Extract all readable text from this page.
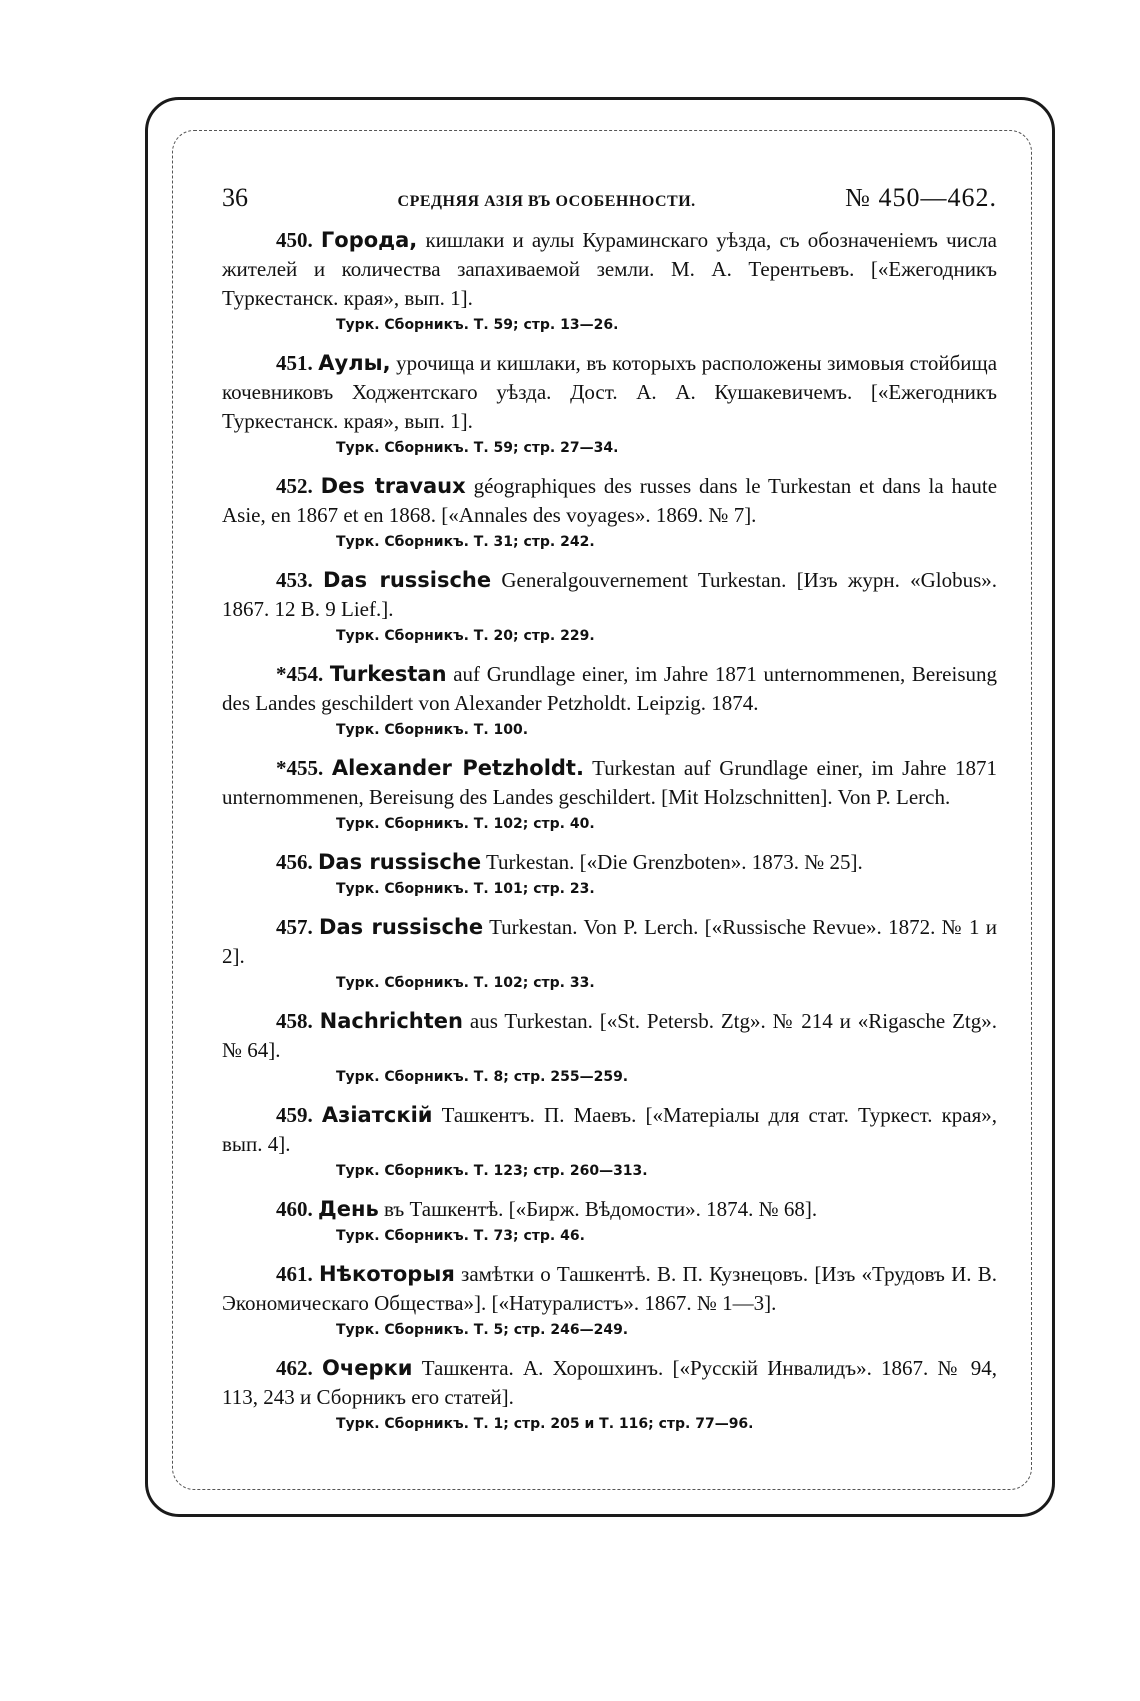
36	СРЕДНЯЯ АЗІЯ ВЪ ОСОБЕННОСТИ.	№ 450—462.

450. Города, кишлаки и аулы Кураминскаго уѣзда, съ обозначеніемъ числа жителей и количества запахиваемой земли. М. А. Терентьевъ. [«Ежегодникъ Туркестанск. края», вып. 1].

Турк. Сборникъ. Т. 59; стр. 13—26.

451. Аулы, урочища и кишлаки, въ которыхъ расположены зимовыя стойбища кочевниковъ Ходжентскаго уѣзда. Дост. А. А. Кушакевичемъ. [«Ежегодникъ Туркестанск. края», вып. 1].

Турк. Сборникъ. Т. 59; стр. 27—34.

452. Des travaux géographiques des russes dans le Turkestan et dans la haute Asie, en 1867 et en 1868. [«Annales des voyages». 1869. № 7].

Турк. Сборникъ. Т. 31; стр. 242.

453. Das russische Generalgouvernement Turkestan. [Изъ журн. «Globus». 1867. 12 B. 9 Lief.].

Турк. Сборникъ. Т. 20; стр. 229.

*454. Turkestan auf Grundlage einer, im Jahre 1871 unternommenen, Bereisung des Landes geschildert von Alexander Petzholdt. Leipzig. 1874.

Турк. Сборникъ. Т. 100.

*455. Alexander Petzholdt. Turkestan auf Grundlage einer, im Jahre 1871 unternommenen, Bereisung des Landes geschildert. [Mit Holzschnitten]. Von P. Lerch.

Турк. Сборникъ. Т. 102; стр. 40.

456. Das russische Turkestan. [«Die Grenzboten». 1873. № 25].

Турк. Сборникъ. Т. 101; стр. 23.

457. Das russische Turkestan. Von P. Lerch. [«Russische Revue». 1872. № 1 и 2].

Турк. Сборникъ. Т. 102; стр. 33.

458. Nachrichten aus Turkestan. [«St. Petersb. Ztg». № 214 и «Rigasche Ztg». № 64].

Турк. Сборникъ. Т. 8; стр. 255—259.

459. Азіатскій Ташкентъ. П. Маевъ. [«Матеріалы для стат. Туркест. края», вып. 4].

Турк. Сборникъ. Т. 123; стр. 260—313.

460. День въ Ташкентѣ. [«Бирж. Вѣдомости». 1874. № 68].

Турк. Сборникъ. Т. 73; стр. 46.

461. Нѣкоторыя замѣтки о Ташкентѣ. В. П. Кузнецовъ. [Изъ «Трудовъ И. В. Экономическаго Общества»]. [«Натуралистъ». 1867. № 1—3].

Турк. Сборникъ. Т. 5; стр. 246—249.

462. Очерки Ташкента. А. Хорошхинъ. [«Русскій Инвалидъ». 1867. № 94, 113, 243 и Сборникъ его статей].

Турк. Сборникъ. Т. 1; стр. 205 и Т. 116; стр. 77—96.
